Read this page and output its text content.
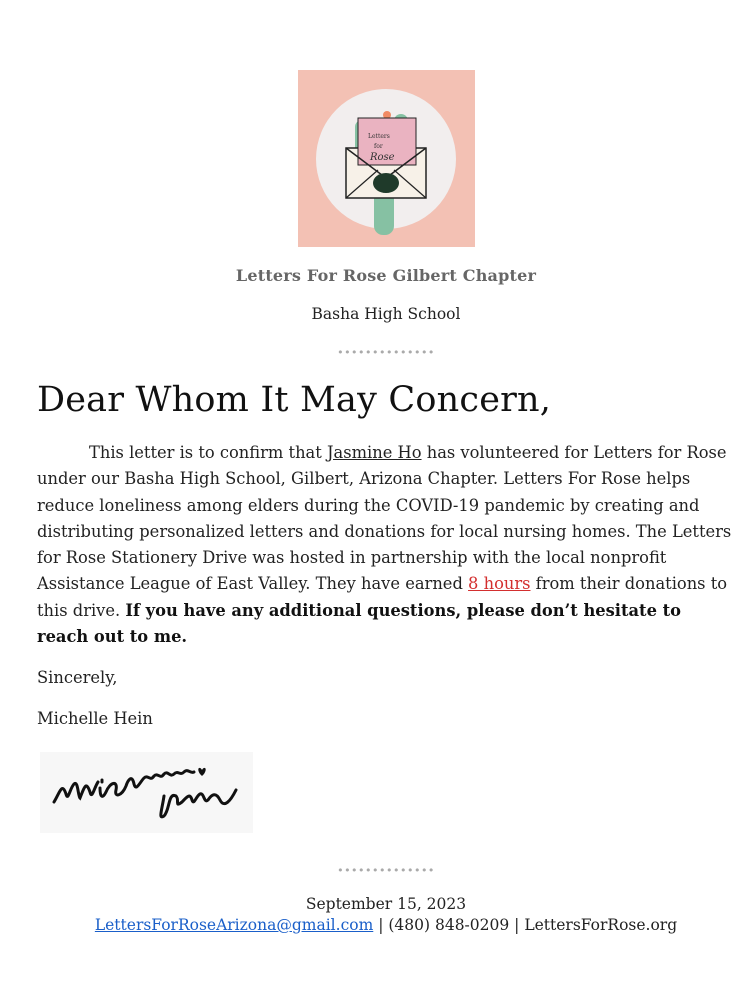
Letters
for
Rose
Letters For Rose Gilbert Chapter
Basha High School
••••••••••••••
Dear Whom It May Concern,
This letter is to confirm that Jasmine Ho has volunteered for Letters for Rose under our Basha High School, Gilbert, Arizona Chapter. Letters For Rose helps reduce loneliness among elders during the COVID-19 pandemic by creating and distributing personalized letters and donations for local nursing homes. The Letters for Rose Stationery Drive was hosted in partnership with the local nonprofit Assistance League of East Valley. They have earned 8 hours from their donations to this drive. If you have any additional questions, please don’t hesitate to reach out to me.
Sincerely,
Michelle Hein
••••••••••••••
September 15, 2023
LettersForRoseArizona@gmail.com | (480) 848-0209 | LettersForRose.org
